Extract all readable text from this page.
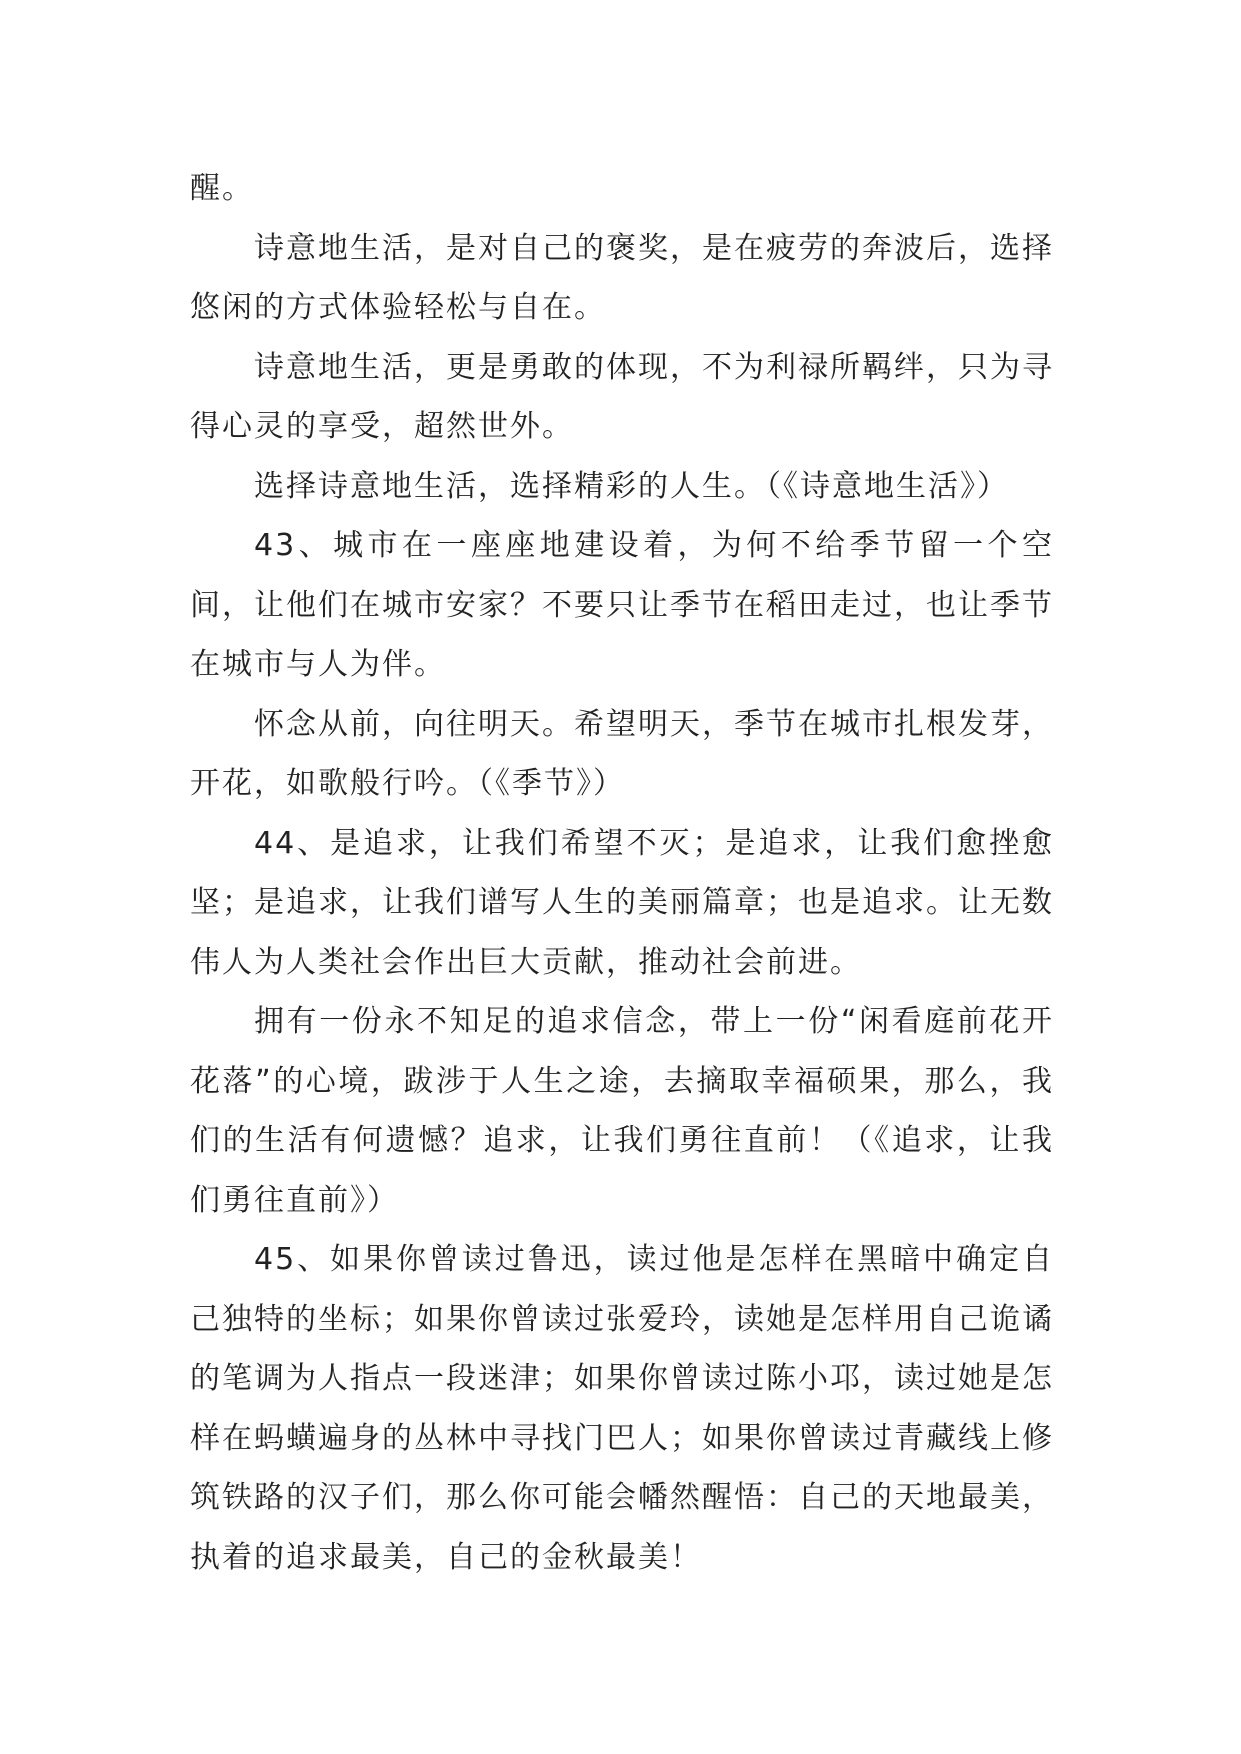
醒。

诗意地生活，是对自己的褒奖，是在疲劳的奔波后，选择悠闲的方式体验轻松与自在。

诗意地生活，更是勇敢的体现，不为利禄所羁绊，只为寻得心灵的享受，超然世外。

选择诗意地生活，选择精彩的人生。（《诗意地生活》）

43、城市在一座座地建设着，为何不给季节留一个空间，让他们在城市安家？不要只让季节在稻田走过，也让季节在城市与人为伴。

怀念从前，向往明天。希望明天，季节在城市扎根发芽，开花，如歌般行吟。（《季节》）

44、是追求，让我们希望不灭；是追求，让我们愈挫愈坚；是追求，让我们谱写人生的美丽篇章；也是追求。让无数伟人为人类社会作出巨大贡献，推动社会前进。

拥有一份永不知足的追求信念，带上一份“闲看庭前花开花落”的心境，跋涉于人生之途，去摘取幸福硕果，那么，我们的生活有何遗憾？追求，让我们勇往直前！（《追求，让我们勇往直前》）

45、如果你曾读过鲁迅，读过他是怎样在黑暗中确定自己独特的坐标；如果你曾读过张爱玲，读她是怎样用自己诡谲的笔调为人指点一段迷津；如果你曾读过陈小邛，读过她是怎样在蚂蟥遍身的丛林中寻找门巴人；如果你曾读过青藏线上修筑铁路的汉子们，那么你可能会幡然醒悟：自己的天地最美，执着的追求最美，自己的金秋最美！
